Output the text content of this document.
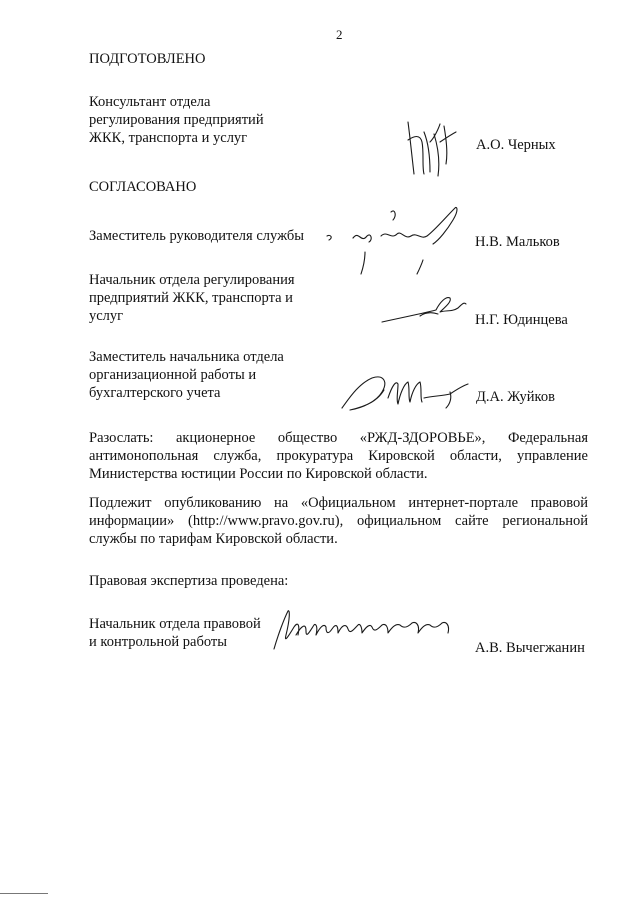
2
ПОДГОТОВЛЕНО
Консультант отдела
регулирования предприятий
ЖКК, транспорта и услуг	А.О. Черных
СОГЛАСОВАНО
Заместитель руководителя службы	Н.В. Мальков
Начальник отдела регулирования
предприятий ЖКК, транспорта и
услуг	Н.Г. Юдинцева
Заместитель начальника отдела
организационной работы и
бухгалтерского учета	Д.А. Жуйков
Разослать: акционерное общество «РЖД-ЗДОРОВЬЕ», Федеральная антимонопольная служба, прокуратура Кировской области, управление Министерства юстиции России по Кировской области.
Подлежит опубликованию на «Официальном интернет-портале правовой информации» (http://www.pravo.gov.ru), официальном сайте региональной службы по тарифам Кировской области.
Правовая экспертиза проведена:
Начальник отдела правовой
и контрольной работы	А.В. Вычегжанин
